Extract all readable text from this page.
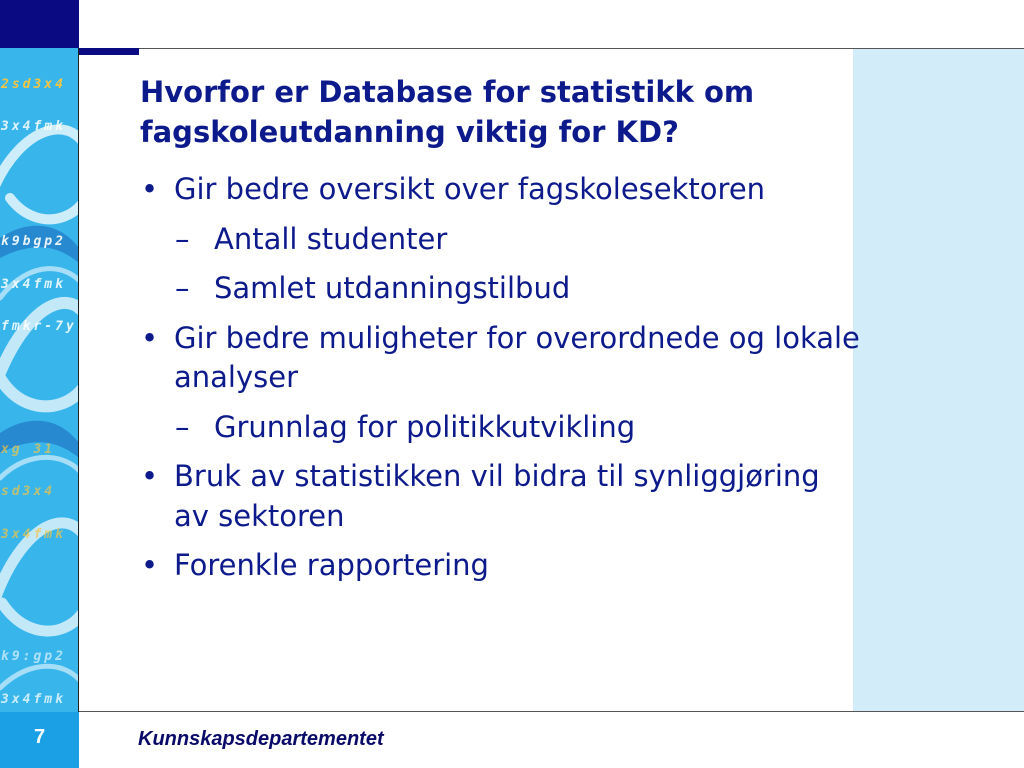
2sd3x4
3x4fmk
k9bgp2
3x4fmk
fmkr-7y
xg 31
sd3x4
3x4fmk
k9:gp2
3x4fmk
Hvorfor er Database for statistikk om fagskoleutdanning viktig for KD?
• Gir bedre oversikt over fagskolesektoren
– Antall studenter
– Samlet utdanningstilbud
• Gir bedre muligheter for overordnede og lokale analyser
– Grunnlag for politikkutvikling
• Bruk av statistikken vil bidra til synliggjøring av sektoren
• Forenkle rapportering
7	Kunnskapsdepartementet
